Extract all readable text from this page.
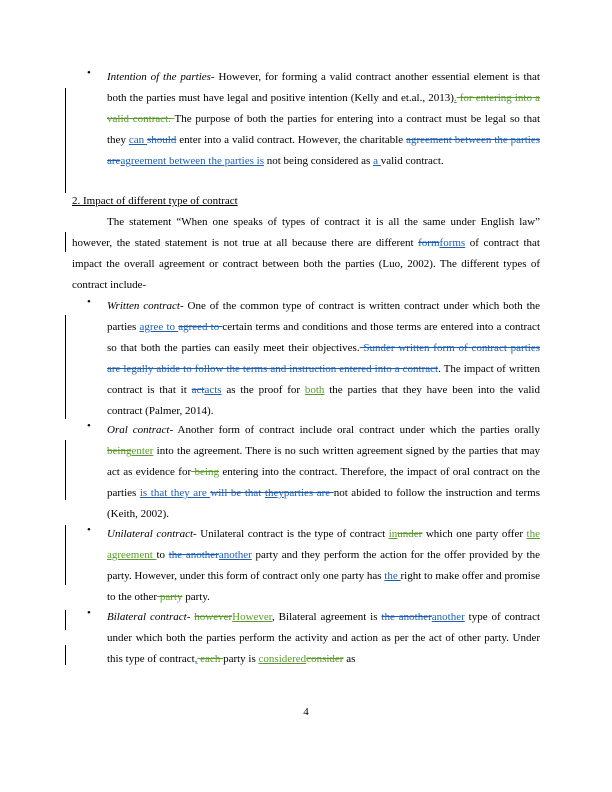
• Intention of the parties- However, for forming a valid contract another essential element is that both the parties must have legal and positive intention (Kelly and et.al., 2013). for entering into a valid contract. The purpose of both the parties for entering into a contract must be legal so that they can should enter into a valid contract. However, the charitable agreement between the parties areagreement between the parties is not being considered as a valid contract.
2. Impact of different type of contract
The statement “When one speaks of types of contract it is all the same under English law” however, the stated statement is not true at all because there are different formforms of contract that impact the overall agreement or contract between both the parties (Luo, 2002). The different types of contract include-
• Written contract- One of the common type of contract is written contract under which both the parties agree to agreed to certain terms and conditions and those terms are entered into a contract so that both the parties can easily meet their objectives. Sunder written form of contract parties are legally abide to follow the terms and instruction entered into a contract. The impact of written contract is that it actacts as the proof for both the parties that they have been into the valid contract (Palmer, 2014).
• Oral contract- Another form of contract include oral contract under which the parties orally beingenter into the agreement. There is no such written agreement signed by the parties that may act as evidence for being entering into the contract. Therefore, the impact of oral contract on the parties is that they are will be that theyparties are not abided to follow the instruction and terms (Keith, 2002).
• Unilateral contract- Unilateral contract is the type of contract inunder which one party offer the agreement to the anotheranother party and they perform the action for the offer provided by the party. However, under this form of contract only one party has the right to make offer and promise to the other party party.
• Bilateral contract- howeverHowever, Bilateral agreement is the anotheranother type of contract under which both the parties perform the activity and action as per the act of other party. Under this type of contract, each party is consideredconsider as
4
